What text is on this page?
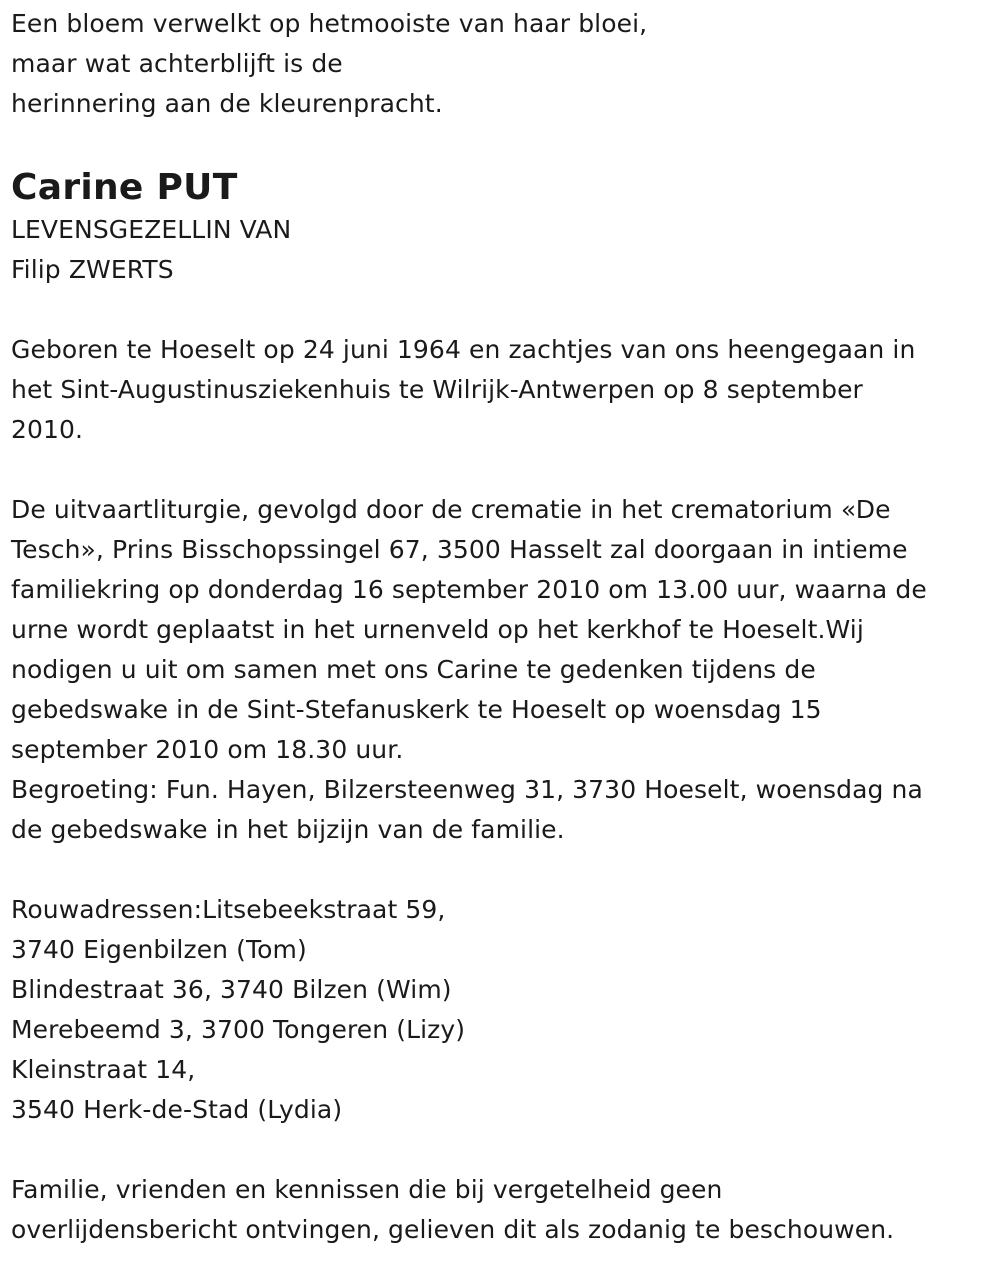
Een bloem verwelkt op hetmooiste van haar bloei,
maar wat achterblijft is de
herinnering aan de kleurenpracht.
Carine PUT
LEVENSGEZELLIN VAN
Filip ZWERTS
Geboren te Hoeselt op 24 juni 1964 en zachtjes van ons heengegaan in
het Sint-Augustinusziekenhuis te Wilrijk-Antwerpen op 8 september
2010.
De uitvaartliturgie, gevolgd door de crematie in het crematorium «De
Tesch», Prins Bisschopssingel 67, 3500 Hasselt zal doorgaan in intieme
familiekring op donderdag 16 september 2010 om 13.00 uur, waarna de
urne wordt geplaatst in het urnenveld op het kerkhof te Hoeselt.Wij
nodigen u uit om samen met ons Carine te gedenken tijdens de
gebedswake in de Sint-Stefanuskerk te Hoeselt op woensdag 15
september 2010 om 18.30 uur.
Begroeting: Fun. Hayen, Bilzersteenweg 31, 3730 Hoeselt, woensdag na
de gebedswake in het bijzijn van de familie.
Rouwadressen:Litsebeekstraat 59,
3740 Eigenbilzen (Tom)
Blindestraat 36, 3740 Bilzen (Wim)
Merebeemd 3, 3700 Tongeren (Lizy)
Kleinstraat 14,
3540 Herk-de-Stad (Lydia)
Familie, vrienden en kennissen die bij vergetelheid geen
overlijdensbericht ontvingen, gelieven dit als zodanig te beschouwen.
